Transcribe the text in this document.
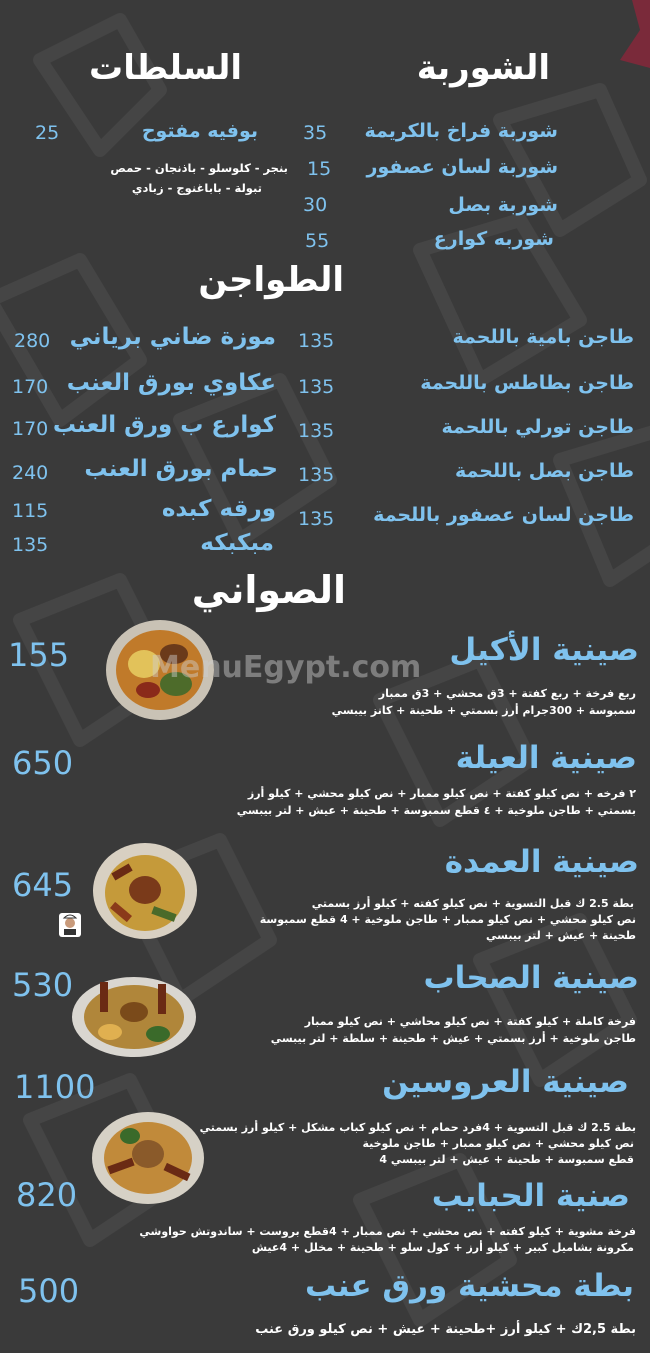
الشوربة
شوربة فراخ بالكريمة
35
شوربة لسان عصفور
15
شوربة بصل
30
شوربه كوارع
55
السلطات
بوفيه مفتوح
25
بنجر - كلوسلو - باذنجان - حمص
تبولة - باباغنوج - زبادي
الطواجن
طاجن بامية باللحمة
135
طاجن بطاطس باللحمة
135
طاجن تورلي باللحمة
135
طاجن بصل باللحمة
135
طاجن لسان عصفور باللحمة
135
موزة ضاني برياني
280
عكاوي بورق العنب
170
كوارع ب ورق العنب
170
حمام بورق العنب
240
ورقه كبده
115
مبكبكه
135
الصواني
MenuEgypt.com صينية الأكيل
155
ربع فرخة + ربع كفتة + 3ق محشي + 3ق ممبار
سمبوسة + 300جرام أرز بسمتي + طحينة + كانز بيبسي
صينية العيلة
650
٢ فرخه + نص كيلو كفتة + نص كيلو ممبار + نص كيلو محشي + كيلو أرز
بسمتي + طاجن ملوخية + ٤ قطع سمبوسة + طحينة + عيش + لتر بيبسي
صينية العمدة
645	بطة 2.5 ك قبل التسوية + نص كيلو كفته + كيلو أرز بسمتي
نص كيلو محشي + نص كيلو ممبار + طاجن ملوخية + 4 قطع سمبوسة
طحينة + عيش + لتر بيبسي
صينية الصحاب
530
فرخة كاملة + كيلو كفتة + نص كيلو محاشي + نص كيلو ممبار
طاجن ملوخية + أرز بسمتي + عيش + طحينة + سلطة + لتر بيبسي
صينية العروسين
1100
بطة 2.5 ك قبل التسوية + 4فرد حمام + نص كيلو كباب مشكل + كيلو أرز بسمتي
نص كيلو محشي + نص كيلو ممبار + طاجن ملوخية
قطع سمبوسة + طحينة + عيش + لتر بيبسي 4
صنية الحبايب
820
فرخة مشوية + كيلو كفته + نص محشي + نص ممبار + 4قطع بروست + ساندوتش حواوشي
مكرونة بشاميل كبير + كيلو أرز + كول سلو + طحينة + مخلل + 4عيش
بطة محشية ورق عنب
500
بطة 2,5ك + كيلو أرز +طحينة + عيش + نص كيلو ورق عنب
